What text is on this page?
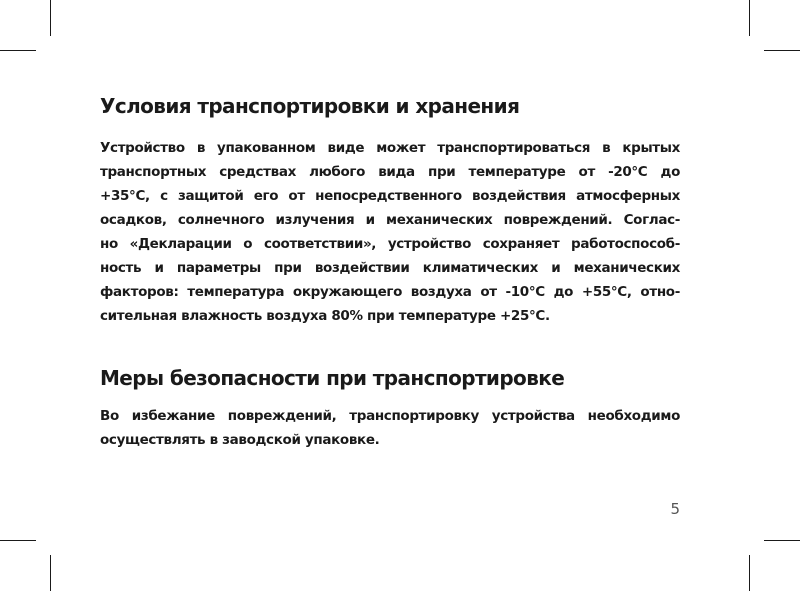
Условия транспортировки и хранения
Устройство в упакованном виде может транспортироваться в крытых
транспортных средствах любого вида при температуре от -20°C до
+35°C, с защитой его от непосредственного воздействия атмосферных
осадков, солнечного излучения и механических повреждений. Соглас-
но «Декларации о соответствии», устройство сохраняет работоспособ-
ность и параметры при воздействии климатических и механических
факторов: температура окружающего воздуха от -10°C до +55°C, отно-
сительная влажность воздуха 80% при температуре +25°C.
Меры безопасности при транспортировке
Во избежание повреждений, транспортировку устройства необходимо
осуществлять в заводской упаковке.
5
